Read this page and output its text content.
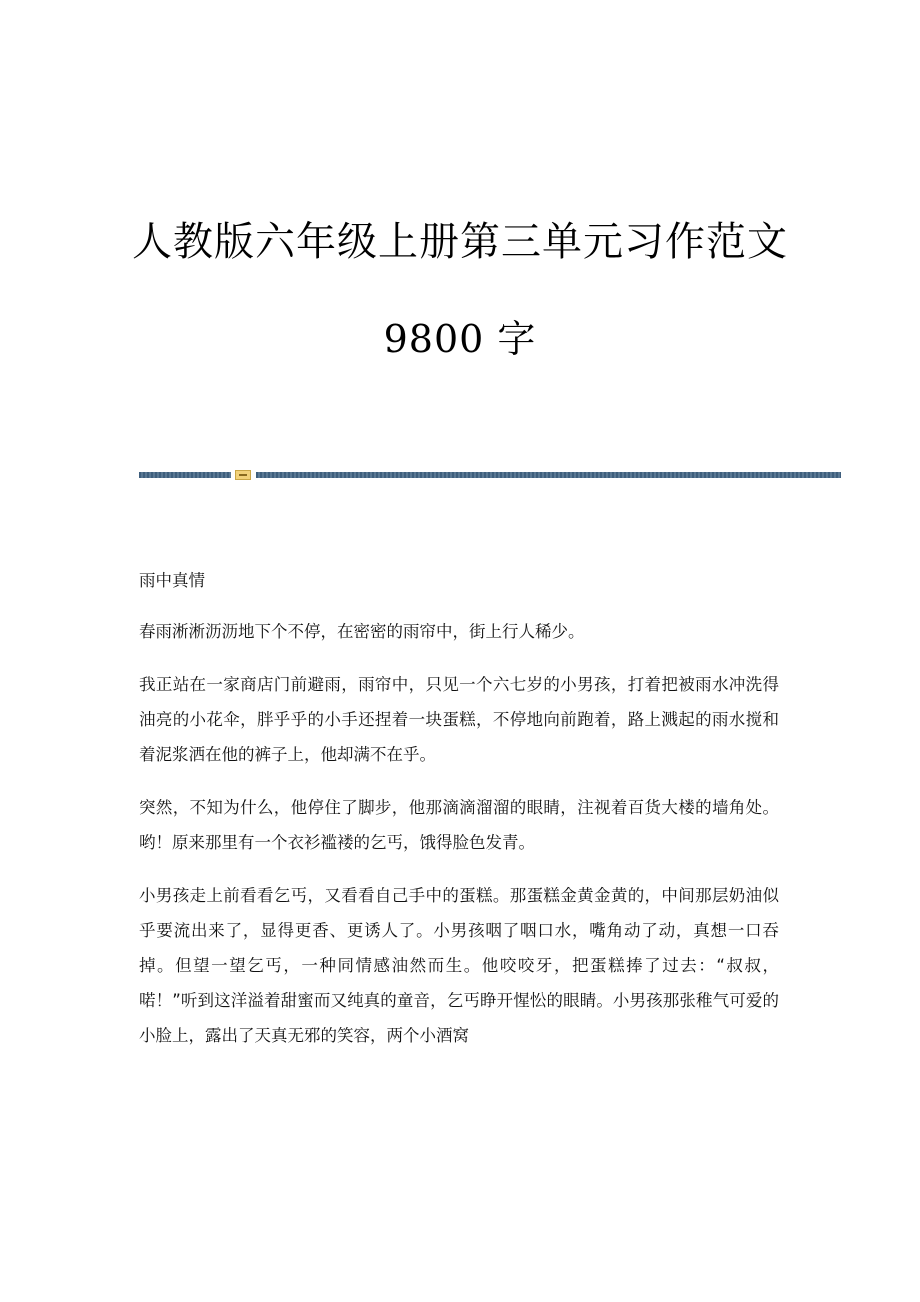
人教版六年级上册第三单元习作范文
9800 字

雨中真情

春雨淅淅沥沥地下个不停，在密密的雨帘中，街上行人稀少。

我正站在一家商店门前避雨，雨帘中，只见一个六七岁的小男孩，打着把被雨水冲洗得油亮的小花伞，胖乎乎的小手还捏着一块蛋糕，不停地向前跑着，路上溅起的雨水搅和着泥浆洒在他的裤子上，他却满不在乎。

突然，不知为什么，他停住了脚步，他那滴滴溜溜的眼睛，注视着百货大楼的墙角处。哟！原来那里有一个衣衫褴褛的乞丐，饿得脸色发青。

小男孩走上前看看乞丐，又看看自己手中的蛋糕。那蛋糕金黄金黄的，中间那层奶油似乎要流出来了，显得更香、更诱人了。小男孩咽了咽口水，嘴角动了动，真想一口吞掉。但望一望乞丐，一种同情感油然而生。他咬咬牙，把蛋糕捧了过去：“叔叔，喏！”听到这洋溢着甜蜜而又纯真的童音，乞丐睁开惺忪的眼睛。小男孩那张稚气可爱的小脸上，露出了天真无邪的笑容，两个小酒窝
